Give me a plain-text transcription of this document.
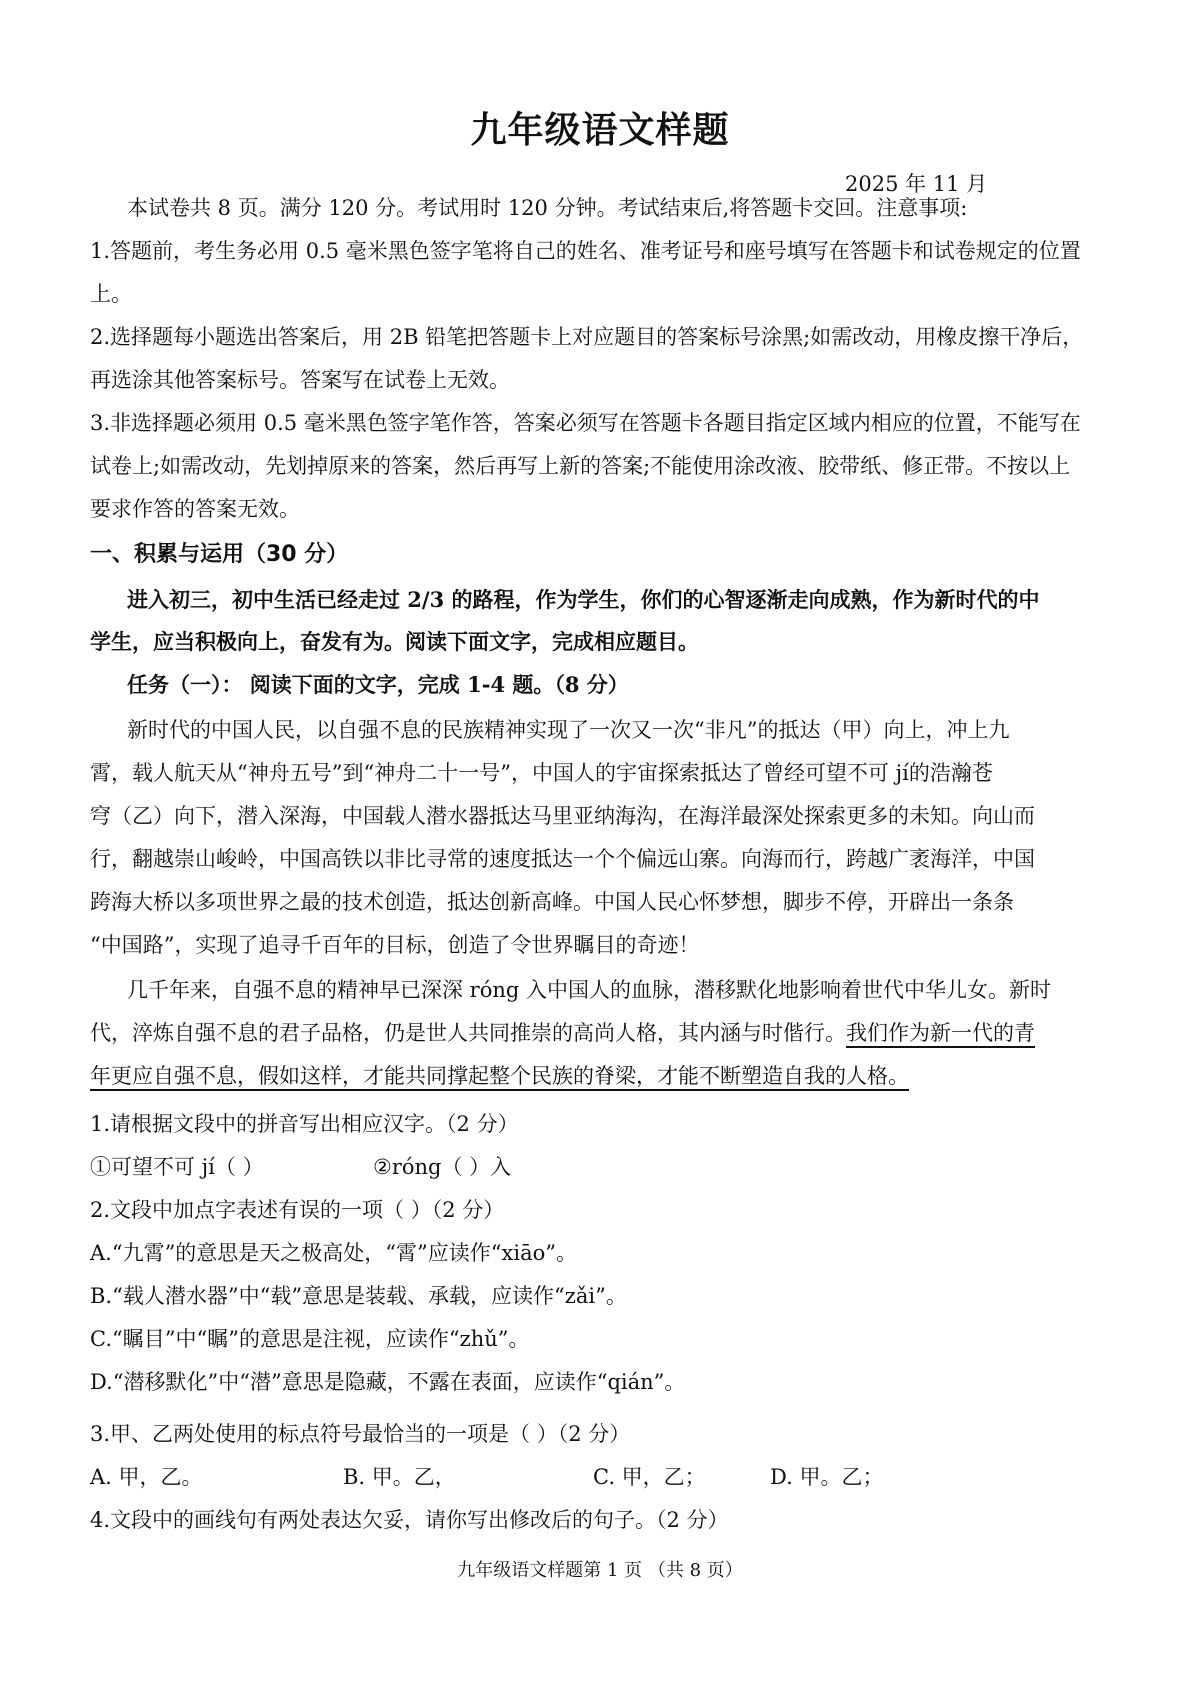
九年级语文样题
2025 年 11 月
本试卷共 8 页。满分 120 分。考试用时 120 分钟。考试结束后,将答题卡交回。注意事项:
1.答题前，考生务必用 0.5 毫米黑色签字笔将自己的姓名、准考证号和座号填写在答题卡和试卷规定的位置
上。
2.选择题每小题选出答案后，用 2B 铅笔把答题卡上对应题目的答案标号涂黑;如需改动，用橡皮擦干净后，
再选涂其他答案标号。答案写在试卷上无效。
3.非选择题必须用 0.5 毫米黑色签字笔作答，答案必须写在答题卡各题目指定区域内相应的位置，不能写在
试卷上;如需改动，先划掉原来的答案，然后再写上新的答案;不能使用涂改液、胶带纸、修正带。不按以上
要求作答的答案无效。
一、积累与运用（30 分）
进入初三，初中生活已经走过 2/3 的路程，作为学生，你们的心智逐渐走向成熟，作为新时代的中
学生，应当积极向上，奋发有为。阅读下面文字，完成相应题目。
任务（一）： 阅读下面的文字，完成 1-4 题。（8 分）
新时代的中国人民，以自强不息的民族精神实现了一次又一次“非凡”的抵达（甲）向上，冲上九
霄，载人航天从“神舟五号”到“神舟二十一号”，中国人的宇宙探索抵达了曾经可望不可 jí的浩瀚苍
穹（乙）向下，潜入深海，中国载人潜水器抵达马里亚纳海沟，在海洋最深处探索更多的未知。向山而
行，翻越崇山峻岭，中国高铁以非比寻常的速度抵达一个个偏远山寨。向海而行，跨越广袤海洋，中国
跨海大桥以多项世界之最的技术创造，抵达创新高峰。中国人民心怀梦想，脚步不停，开辟出一条条
“中国路”，实现了追寻千百年的目标，创造了令世界瞩目的奇迹！
几千年来，自强不息的精神早已深深 róng 入中国人的血脉，潜移默化地影响着世代中华儿女。新时
代，淬炼自强不息的君子品格，仍是世人共同推崇的高尚人格，其内涵与时偕行。我们作为新一代的青
年更应自强不息，假如这样，才能共同撑起整个民族的脊梁，才能不断塑造自我的人格。
1.请根据文段中的拼音写出相应汉字。（2 分）
①可望不可 jí（ ）	②róng（ ）入
2.文段中加点字表述有误的一项（ ）（2 分）
A.“九霄”的意思是天之极高处，“霄”应读作“xiāo”。
B.“载人潜水器”中“载”意思是装载、承载，应读作“zǎi”。
C.“瞩目”中“瞩”的意思是注视，应读作“zhǔ”。
D.“潜移默化”中“潜”意思是隐藏，不露在表面，应读作“qián”。
3.甲、乙两处使用的标点符号最恰当的一项是（ ）（2 分）
A. 甲，乙。	B. 甲。乙，	C. 甲，乙；	D. 甲。乙；
4.文段中的画线句有两处表达欠妥，请你写出修改后的句子。（2 分）
九年级语文样题第 1 页 （共 8 页）
